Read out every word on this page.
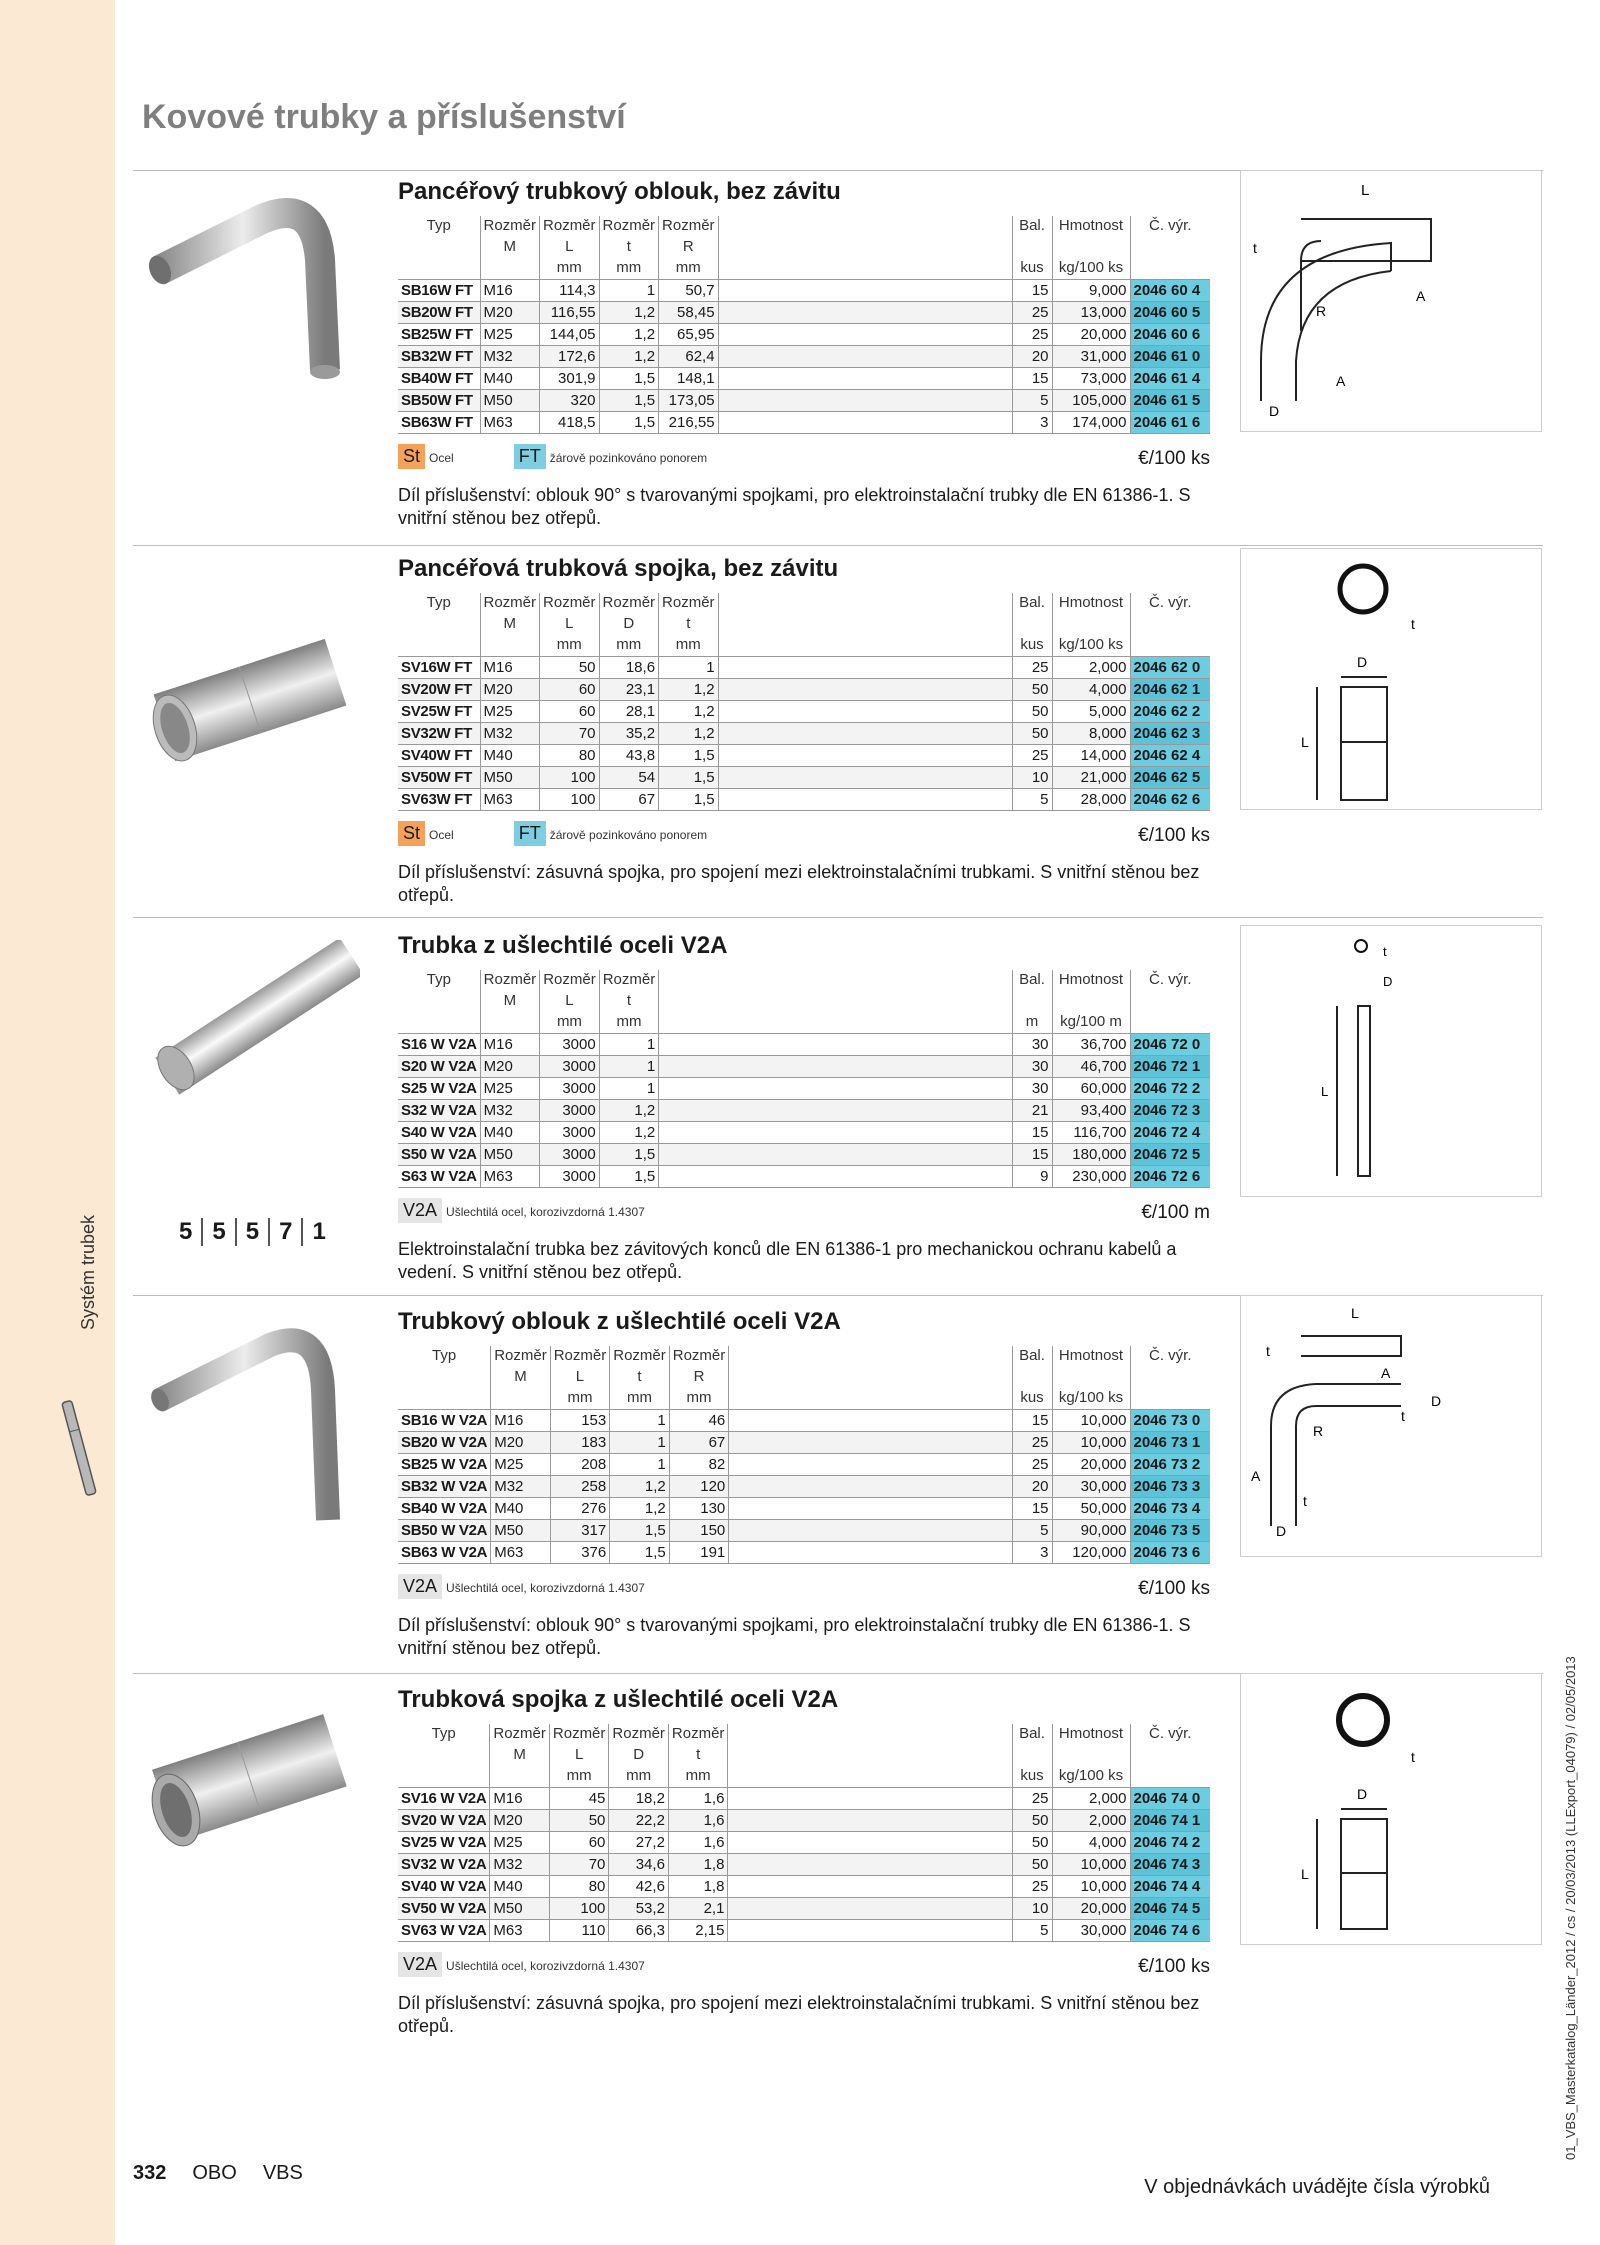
Systém trubek
Kovové trubky a příslušenství
5 5 5 7 1
Pancéřový trubkový oblouk, bez závitu
Typ	Rozměr	Rozměr	Rozměr	Rozměr		Bal.	Hmotnost	Č. výr.
	M	L	t	R				
		mm	mm	mm		kus	kg/100 ks	
SB16W FT	M16	114,3	1	50,7		15	9,000	2046 60 4
SB20W FT	M20	116,55	1,2	58,45		25	13,000	2046 60 5
SB25W FT	M25	144,05	1,2	65,95		25	20,000	2046 60 6
SB32W FT	M32	172,6	1,2	62,4		20	31,000	2046 61 0
SB40W FT	M40	301,9	1,5	148,1		15	73,000	2046 61 4
SB50W FT	M50	320	1,5	173,05		5	105,000	2046 61 5
SB63W FT	M63	418,5	1,5	216,55		3	174,000	2046 61 6
St Ocel	FT žárově pozinkováno ponorem	€/100 ks
Díl příslušenství: oblouk 90° s tvarovanými spojkami, pro elektroinstalační trubky dle EN 61386-1. S vnitřní stěnou bez otřepů.
Pancéřová trubková spojka, bez závitu
Typ	Rozměr	Rozměr	Rozměr	Rozměr		Bal.	Hmotnost	Č. výr.
	M	L	D	t				
		mm	mm	mm		kus	kg/100 ks	
SV16W FT	M16	50	18,6	1		25	2,000	2046 62 0
SV20W FT	M20	60	23,1	1,2		50	4,000	2046 62 1
SV25W FT	M25	60	28,1	1,2		50	5,000	2046 62 2
SV32W FT	M32	70	35,2	1,2		50	8,000	2046 62 3
SV40W FT	M40	80	43,8	1,5		25	14,000	2046 62 4
SV50W FT	M50	100	54	1,5		10	21,000	2046 62 5
SV63W FT	M63	100	67	1,5		5	28,000	2046 62 6
St Ocel	FT žárově pozinkováno ponorem	€/100 ks
Díl příslušenství: zásuvná spojka, pro spojení mezi elektroinstalačními trubkami. S vnitřní stěnou bez otřepů.
Trubka z ušlechtilé oceli V2A
Typ	Rozměr	Rozměr	Rozměr		Bal.	Hmotnost	Č. výr.
	M	L	t				
		mm	mm		m	kg/100 m	
S16 W V2A	M16	3000	1		30	36,700	2046 72 0
S20 W V2A	M20	3000	1		30	46,700	2046 72 1
S25 W V2A	M25	3000	1		30	60,000	2046 72 2
S32 W V2A	M32	3000	1,2		21	93,400	2046 72 3
S40 W V2A	M40	3000	1,2		15	116,700	2046 72 4
S50 W V2A	M50	3000	1,5		15	180,000	2046 72 5
S63 W V2A	M63	3000	1,5		9	230,000	2046 72 6
V2A Ušlechtilá ocel, korozivzdorná 1.4307	€/100 m
Elektroinstalační trubka bez závitových konců dle EN 61386-1 pro mechanickou ochranu kabelů a vedení. S vnitřní stěnou bez otřepů.
Trubkový oblouk z ušlechtilé oceli V2A
Typ	Rozměr	Rozměr	Rozměr	Rozměr		Bal.	Hmotnost	Č. výr.
	M	L	t	R				
		mm	mm	mm		kus	kg/100 ks	
SB16 W V2A	M16	153	1	46		15	10,000	2046 73 0
SB20 W V2A	M20	183	1	67		25	10,000	2046 73 1
SB25 W V2A	M25	208	1	82		25	20,000	2046 73 2
SB32 W V2A	M32	258	1,2	120		20	30,000	2046 73 3
SB40 W V2A	M40	276	1,2	130		15	50,000	2046 73 4
SB50 W V2A	M50	317	1,5	150		5	90,000	2046 73 5
SB63 W V2A	M63	376	1,5	191		3	120,000	2046 73 6
V2A Ušlechtilá ocel, korozivzdorná 1.4307	€/100 ks
Díl příslušenství: oblouk 90° s tvarovanými spojkami, pro elektroinstalační trubky dle EN 61386-1. S vnitřní stěnou bez otřepů.
Trubková spojka z ušlechtilé oceli V2A
Typ	Rozměr	Rozměr	Rozměr	Rozměr		Bal.	Hmotnost	Č. výr.
	M	L	D	t				
		mm	mm	mm		kus	kg/100 ks	
SV16 W V2A	M16	45	18,2	1,6		25	2,000	2046 74 0
SV20 W V2A	M20	50	22,2	1,6		50	2,000	2046 74 1
SV25 W V2A	M25	60	27,2	1,6		50	4,000	2046 74 2
SV32 W V2A	M32	70	34,6	1,8		50	10,000	2046 74 3
SV40 W V2A	M40	80	42,6	1,8		25	10,000	2046 74 4
SV50 W V2A	M50	100	53,2	2,1		10	20,000	2046 74 5
SV63 W V2A	M63	110	66,3	2,15		5	30,000	2046 74 6
V2A Ušlechtilá ocel, korozivzdorná 1.4307	€/100 ks
Díl příslušenství: zásuvná spojka, pro spojení mezi elektroinstalačními trubkami. S vnitřní stěnou bez otřepů.
L
t
R
A
A
D
t
D
L
t
D
L
L
t
A
D
t
R
A
t
D
t
D
L
332 OBO VBS
V objednávkách uvádějte čísla výrobků
01_VBS_Masterkatalog_Länder_2012 / cs / 20/03/2013 (LLExport_04079) / 02/05/2013
